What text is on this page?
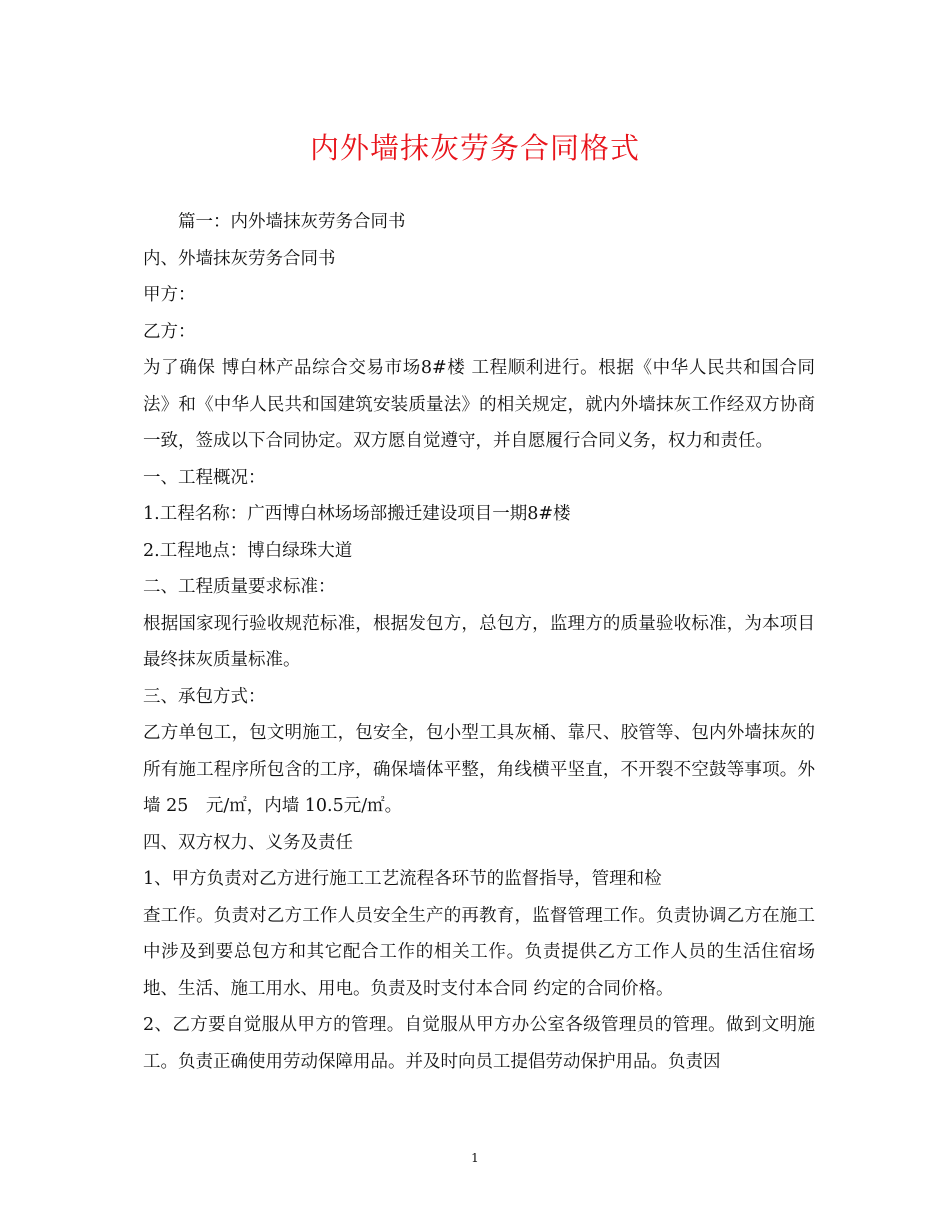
内外墙抹灰劳务合同格式

篇一：内外墙抹灰劳务合同书

内、外墙抹灰劳务合同书

甲方：

乙方：

为了确保 博白林产品综合交易市场8#楼 工程顺利进行。根据《中华人民共和国合同法》和《中华人民共和国建筑安装质量法》的相关规定，就内外墙抹灰工作经双方协商一致，签成以下合同协定。双方愿自觉遵守，并自愿履行合同义务，权力和责任。

一、工程概况：

1.工程名称：广西博白林场场部搬迁建设项目一期8#楼

2.工程地点：博白绿珠大道

二、工程质量要求标准：

根据国家现行验收规范标准，根据发包方，总包方，监理方的质量验收标准，为本项目最终抹灰质量标准。

三、承包方式：

乙方单包工，包文明施工，包安全，包小型工具灰桶、靠尺、胶管等、包内外墙抹灰的所有施工程序所包含的工序，确保墙体平整，角线横平坚直，不开裂不空鼓等事项。外墙 25　元/㎡，内墙 10.5元/㎡。

四、双方权力、义务及责任

1、甲方负责对乙方进行施工工艺流程各环节的监督指导，管理和检

查工作。负责对乙方工作人员安全生产的再教育，监督管理工作。负责协调乙方在施工中涉及到要总包方和其它配合工作的相关工作。负责提供乙方工作人员的生活住宿场地、生活、施工用水、用电。负责及时支付本合同 约定的合同价格。

2、乙方要自觉服从甲方的管理。自觉服从甲方办公室各级管理员的管理。做到文明施工。负责正确使用劳动保障用品。并及时向员工提倡劳动保护用品。负责因

1
